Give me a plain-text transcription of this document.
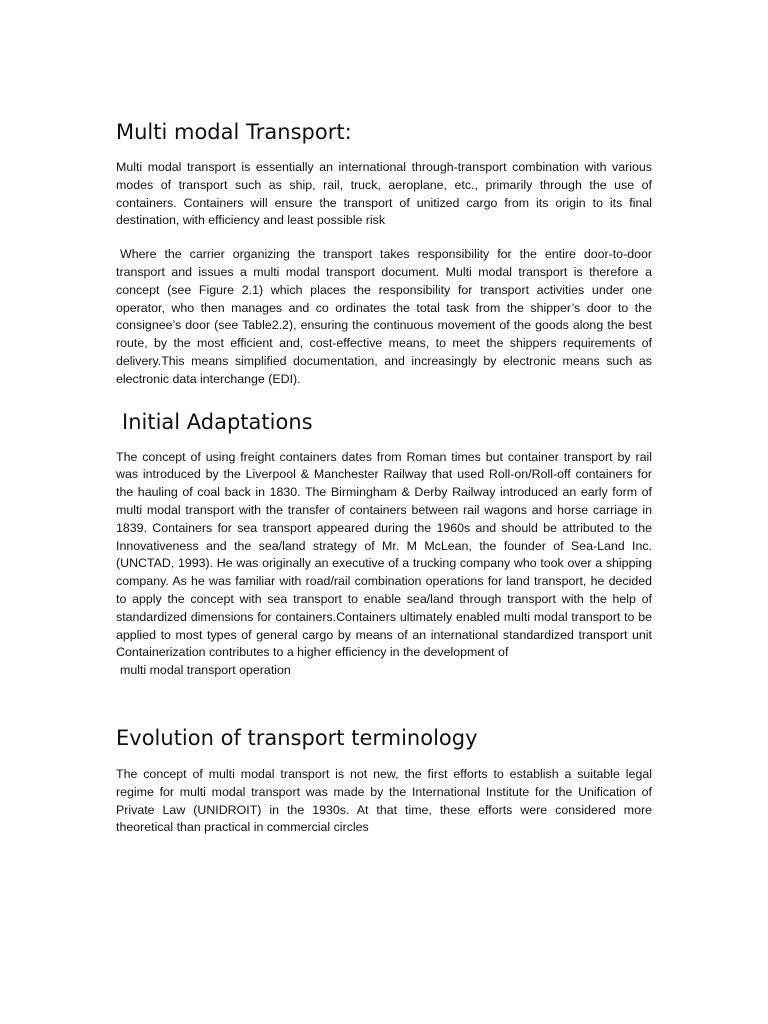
Multi modal Transport:

Multi modal transport is essentially an international through-transport combination with various modes of transport such as ship, rail, truck, aeroplane, etc., primarily through the use of containers. Containers will ensure the transport of unitized cargo from its origin to its final destination, with efficiency and least possible risk

Where the carrier organizing the transport takes responsibility for the entire door-to-door transport and issues a multi modal transport document. Multi modal transport is therefore a concept (see Figure 2.1) which places the responsibility for transport activities under one operator, who then manages and co ordinates the total task from the shipper’s door to the consignee’s door (see Table2.2), ensuring the continuous movement of the goods along the best route, by the most efficient and, cost-effective means, to meet the shippers requirements of delivery.This means simplified documentation, and increasingly by electronic means such as electronic data interchange (EDI).

Initial Adaptations

The concept of using freight containers dates from Roman times but container transport by rail was introduced by the Liverpool & Manchester Railway that used Roll-on/Roll-off containers for the hauling of coal back in 1830. The Birmingham & Derby Railway introduced an early form of multi modal transport with the transfer of containers between rail wagons and horse carriage in 1839. Containers for sea transport appeared during the 1960s and should be attributed to the Innovativeness and the sea/land strategy of Mr. M McLean, the founder of Sea-Land Inc. (UNCTAD, 1993). He was originally an executive of a trucking company who took over a shipping company. As he was familiar with road/rail combination operations for land transport, he decided to apply the concept with sea transport to enable sea/land through transport with the help of standardized dimensions for containers.Containers ultimately enabled multi modal transport to be applied to most types of general cargo by means of an international standardized transport unit Containerization contributes to a higher efficiency in the development of

multi modal transport operation

Evolution of transport terminology

The concept of multi modal transport is not new, the first efforts to establish a suitable legal regime for multi modal transport was made by the International Institute for the Unification of Private Law (UNIDROIT) in the 1930s. At that time, these efforts were considered more theoretical than practical in commercial circles
